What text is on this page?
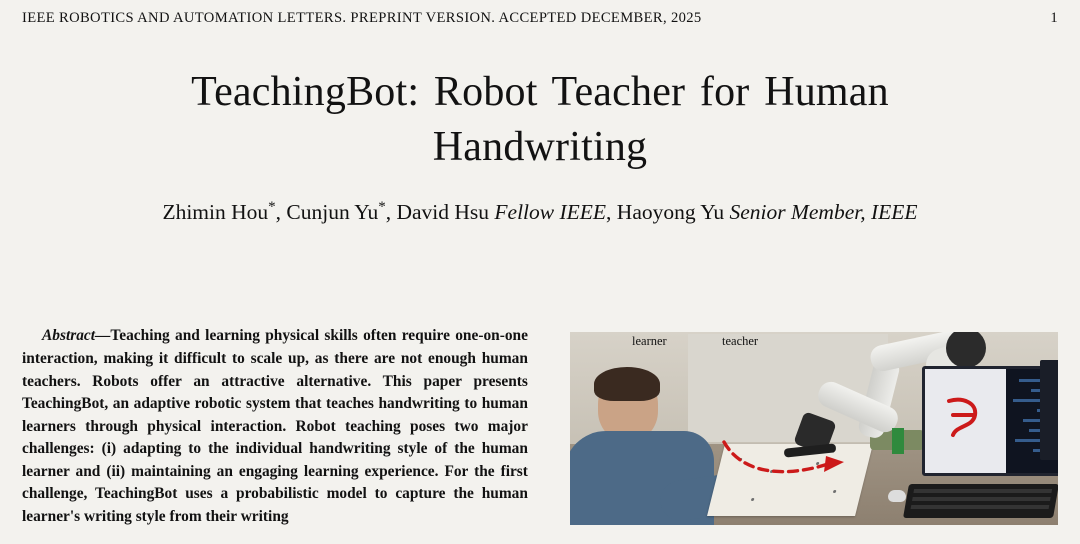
IEEE ROBOTICS AND AUTOMATION LETTERS. PREPRINT VERSION. ACCEPTED DECEMBER, 2025	1
TeachingBot: Robot Teacher for Human Handwriting
Zhimin Hou*, Cunjun Yu*, David Hsu Fellow IEEE, Haoyong Yu Senior Member, IEEE

Abstract—Teaching and learning physical skills often require one-on-one interaction, making it difficult to scale up, as there are not enough human teachers. Robots offer an attractive alternative. This paper presents TeachingBot, an adaptive robotic system that teaches handwriting to human learners through physical interaction. Robot teaching poses two major challenges: (i) adapting to the individual handwriting style of the human learner and (ii) maintaining an engaging learning experience. For the first challenge, TeachingBot uses a probabilistic model to capture the human learner's writing style from their writing

learner	teacher
